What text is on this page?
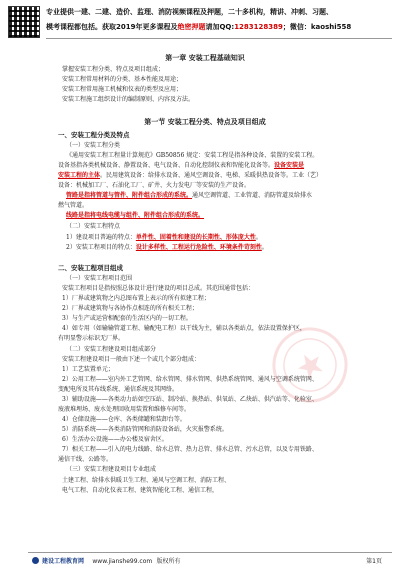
专业提供一建、二建、造价、监理、消防视频课程及押题，二十多机构，精讲、冲刺、习题、
模考课程都包括。获取2019年更多课程及绝密押题请加QQ:1283128389；微信：kaoshi558
第一章 安装工程基础知识
掌握安装工程分类、特点及项目组成；
安装工程常用材料的分类、基本性能及用途；
安装工程常用施工机械和仪表的类型及应用；
安装工程施工组织设计的编制原则、内容及方法。
第一节 安装工程分类、特点及项目组成
一、安装工程分类及特点
（一）安装工程分类
《通用安装工程工程量计算规范》GB50856 规定：安装工程是指各种设备、装置的安装工程。
设备基指各类机械设备、静置设备、电气设备、自动化控制仪表和智能化设备等。设备安装是
安装工程的主体。民用建筑设备：给排水设备、通风空调设备、电梯、采暖供热设备等。工业（艺）
设备：机械加工厂、石油化工厂、矿井、火力发电厂等安装的生产设备。
管路是指将管道与管件、附件组合形成的系统。通风空调管道、工业管道、消防管道及给排水
燃气管道。
线路是指将电线电缆与组件、附件组合形成的系统。
（二）安装工程特点
1）建设项目普遍的特点：单件性、固着性和建设的长期性、形体庞大性。
2）安装工程项目的特点：设计多样性、工程运行危险性、环境条件苛刻性。
二、安装工程项目组成
（一）安装工程项目范围
安装工程项目是指按照总体设计进行建设的项目总成。其范围通常包括：
1）厂界或建筑物之内总图布置上表示的所有拟建工程；
2）厂界或建筑物与各协作点相连的所有相关工程；
3）与生产或运营相配套的生活区内的一切工程。
4）如专用（如输输管道工程、输配电工程）以干线为主，辅以各类站点，依法设置保护区，
有明显警示标识无厂界。
（二）安装工程建设项目组成部分
安装工程建设项目一般由下述一个或几个部分组成：
1）工艺装置单元；
2）公用工程——室内外工艺管网、给水管网、排水管网、供热系统管网、通风与空调系统管网、
变配电所及其布线系统、通信系统及其网络。
3）辅助设施——各类动力站如空压站、制冷站、换热站、供氧站、乙炔站、供汽站等、化验室、
废液堆埋场、废水处理回收用装置和维修车间等。
4）仓储设施——仓库、各类储罐和装卸台等。
5）消防系统——各类消防管网和消防设备站，火灾报警系统。
6）生活办公设施——办公楼及宿舍区。
7）相关工程——引入的电力线路、给水总管、热力总管、排水总管、污水总管，以及专用铁路、
通信干线、公路等。
（三）安装工程建设项目专业组成
土建工程、给排水供暖卫生工程、通风与空调工程、消防工程、
电气工程、自动化仪表工程、建筑智能化工程、通信工程，
建设工程教育网 www.jianshe99.com 版权所有	第1页
